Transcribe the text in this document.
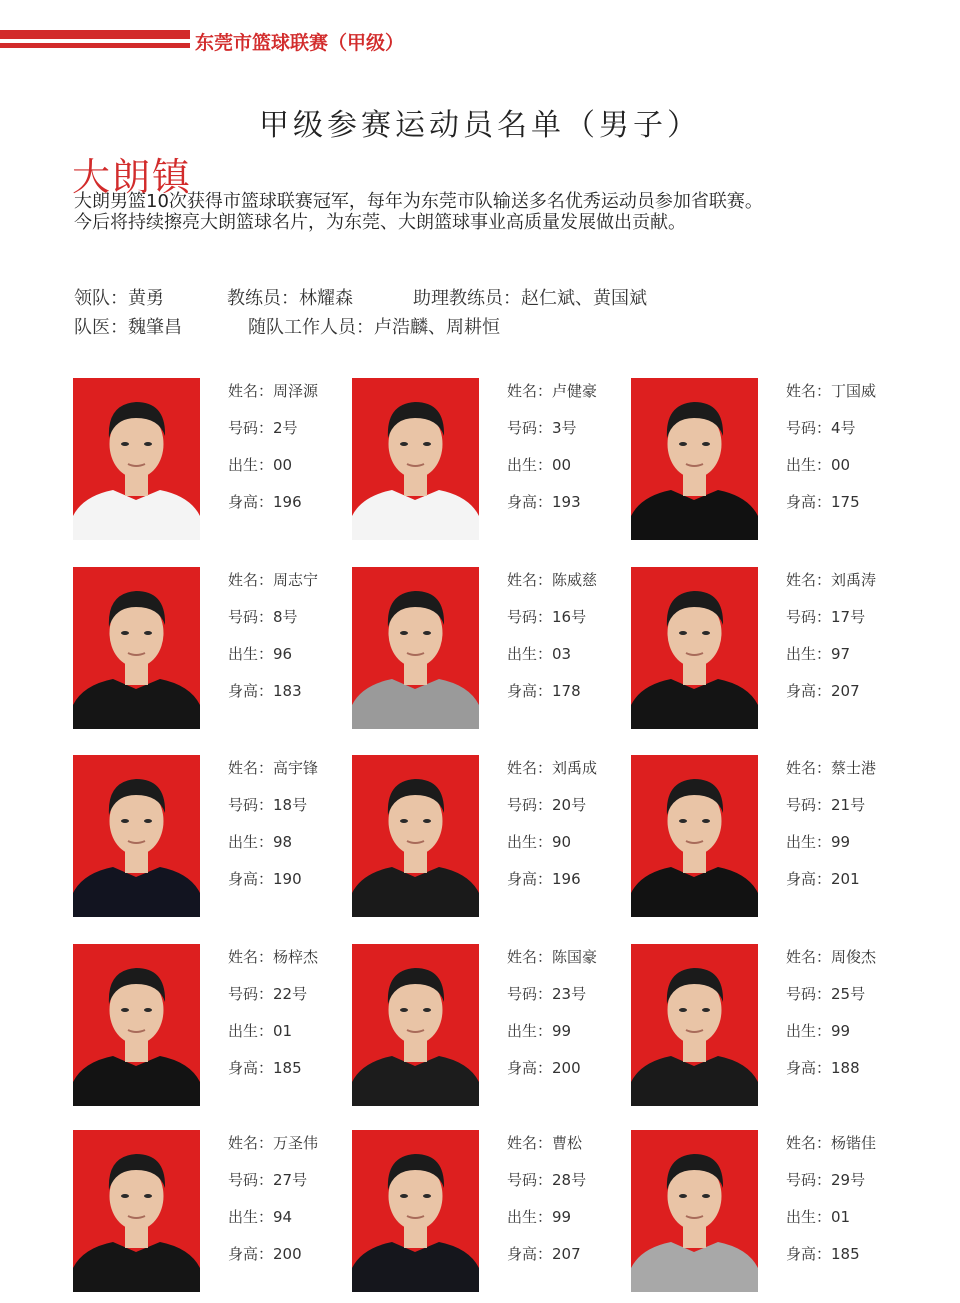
东莞市篮球联赛（甲级）
甲级参赛运动员名单（男子）
大朗镇
大朗男篮10次获得市篮球联赛冠军，每年为东莞市队输送多名优秀运动员参加省联赛。
今后将持续擦亮大朗篮球名片，为东莞、大朗篮球事业高质量发展做出贡献。
领队：黄勇	教练员：林耀森	助理教练员：赵仁斌、黄国斌
队医：魏肇昌	随队工作人员：卢浩麟、周耕恒
姓名：周泽源
号码：2号
出生：00
身高：196
姓名：卢健豪
号码：3号
出生：00
身高：193
姓名：丁国威
号码：4号
出生：00
身高：175
姓名：周志宁
号码：8号
出生：96
身高：183
姓名：陈威慈
号码：16号
出生：03
身高：178
姓名：刘禹涛
号码：17号
出生：97
身高：207
姓名：高宇锋
号码：18号
出生：98
身高：190
姓名：刘禹成
号码：20号
出生：90
身高：196
姓名：蔡士港
号码：21号
出生：99
身高：201
姓名：杨梓杰
号码：22号
出生：01
身高：185
姓名：陈国豪
号码：23号
出生：99
身高：200
姓名：周俊杰
号码：25号
出生：99
身高：188
姓名：万圣伟
号码：27号
出生：94
身高：200
姓名：曹松
号码：28号
出生：99
身高：207
姓名：杨锴佳
号码：29号
出生：01
身高：185
